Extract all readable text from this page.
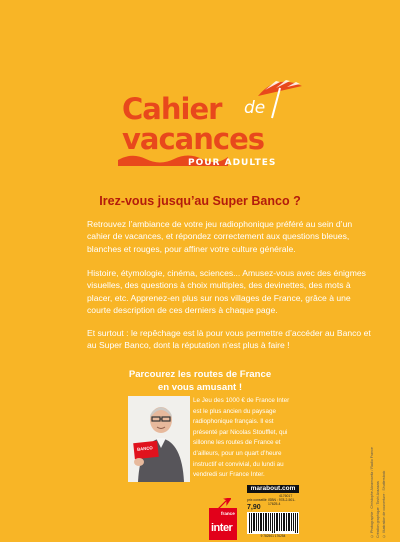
Cahier de
vacances
POUR ADULTES
Irez-vous jusqu’au Super Banco ?

Retrouvez l’ambiance de votre jeu radiophonique préféré au sein d’un cahier de vacances, et répondez correctement aux questions bleues, blanches et rouges, pour affiner votre culture générale.

Histoire, étymologie, cinéma, sciences... Amusez-vous avec des énigmes visuelles, des questions à choix multiples, des devinettes, des mots à placer, etc. Apprenez-en plus sur nos villages de France, grâce à une courte description de ces derniers à chaque page.

Et surtout : le repêchage est là pour vous permettre d’accéder au Banco et au Super Banco, dont la réputation n’est plus à faire !

Parcourez les routes de France
en vous amusant !
BANCO

Le Jeu des 1000 € de France Inter est le plus ancien du paysage radiophonique français. Il est présenté par Nicolas Stoufflet, qui sillonne les routes de France et d’ailleurs, pour un quart d’heure instructif et convivial, du lundi au vendredi sur France Inter.

france
inter
marabout.com
4176017
prix conseillé ISBN : 978-2-501-17625-4
7,90
9 782501 176254	© Illustration de couverture : Shutterstock
Création graphique : Toshi Arazawa
© Photographie : Christophe Abramowitz / Radio France
